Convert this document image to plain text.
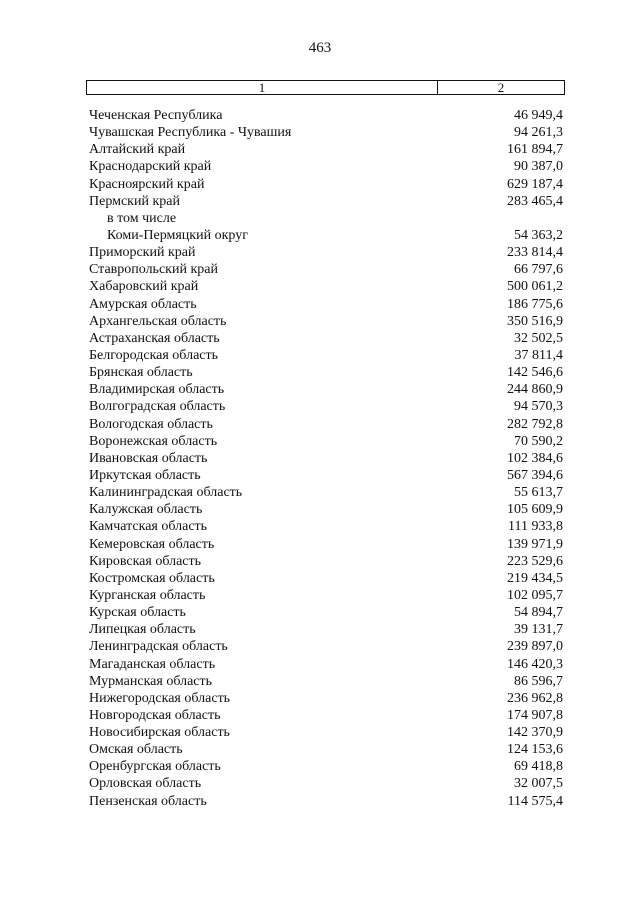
463
1	2
Чеченская Республика	46 949,4
Чувашская Республика - Чувашия	94 261,3
Алтайский край	161 894,7
Краснодарский край	90 387,0
Красноярский край	629 187,4
Пермский край	283 465,4
в том числе
Коми-Пермяцкий округ	54 363,2
Приморский край	233 814,4
Ставропольский край	66 797,6
Хабаровский край	500 061,2
Амурская область	186 775,6
Архангельская область	350 516,9
Астраханская область	32 502,5
Белгородская область	37 811,4
Брянская область	142 546,6
Владимирская область	244 860,9
Волгоградская область	94 570,3
Вологодская область	282 792,8
Воронежская область	70 590,2
Ивановская область	102 384,6
Иркутская область	567 394,6
Калининградская область	55 613,7
Калужская область	105 609,9
Камчатская область	111 933,8
Кемеровская область	139 971,9
Кировская область	223 529,6
Костромская область	219 434,5
Курганская область	102 095,7
Курская область	54 894,7
Липецкая область	39 131,7
Ленинградская область	239 897,0
Магаданская область	146 420,3
Мурманская область	86 596,7
Нижегородская область	236 962,8
Новгородская область	174 907,8
Новосибирская область	142 370,9
Омская область	124 153,6
Оренбургская область	69 418,8
Орловская область	32 007,5
Пензенская область	114 575,4
